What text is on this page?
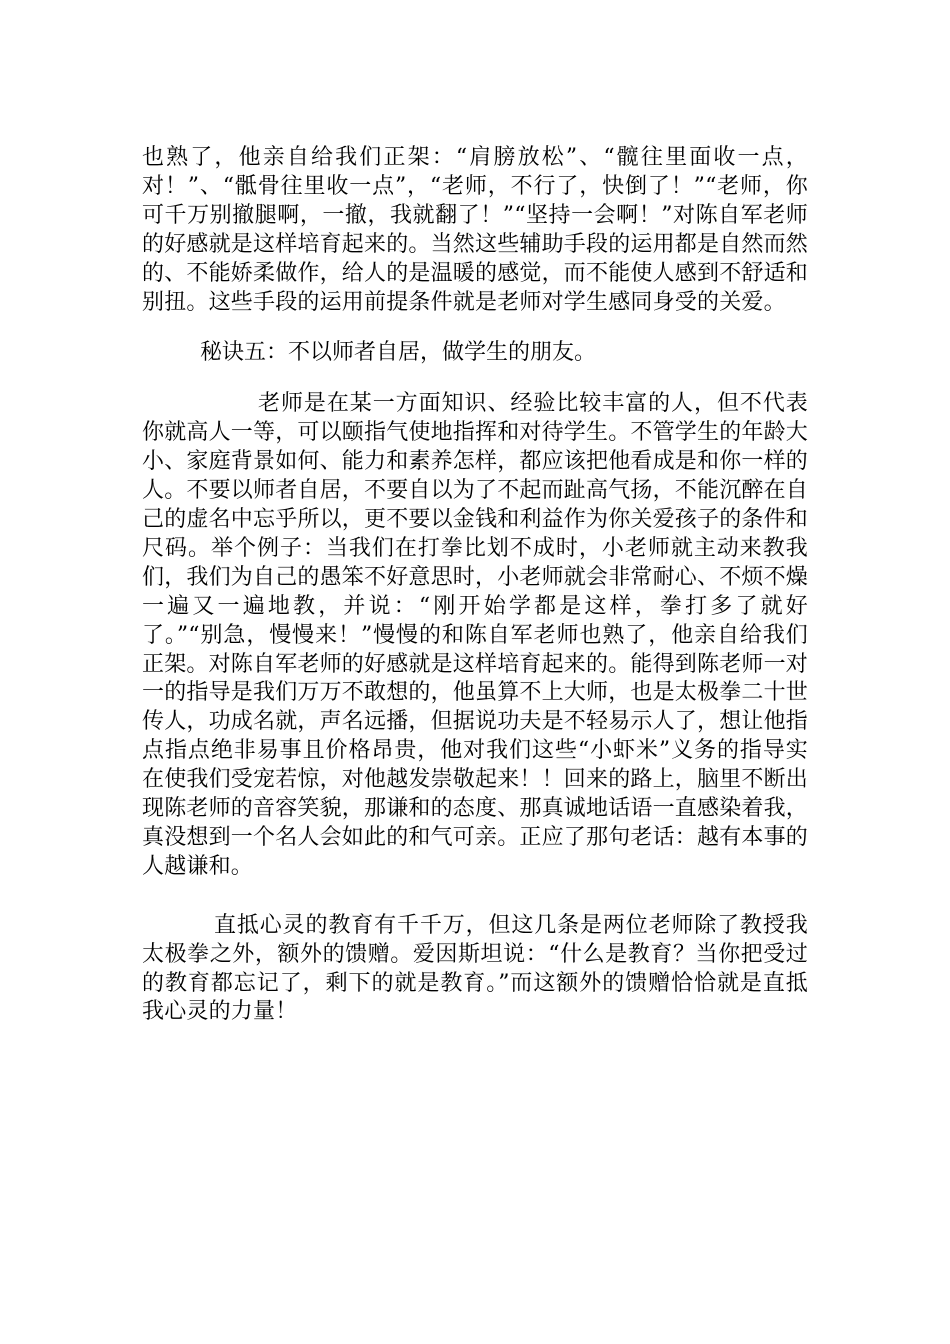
也熟了，他亲自给我们正架：“肩膀放松”、“髋往里面收一点，对！”、“骶骨往里收一点”，“老师，不行了，快倒了！”“老师，你可千万别撤腿啊，一撤，我就翻了！”“坚持一会啊！”对陈自军老师的好感就是这样培育起来的。当然这些辅助手段的运用都是自然而然的、不能娇柔做作，给人的是温暖的感觉，而不能使人感到不舒适和别扭。这些手段的运用前提条件就是老师对学生感同身受的关爱。

秘诀五：不以师者自居，做学生的朋友。

老师是在某一方面知识、经验比较丰富的人，但不代表你就高人一等，可以颐指气使地指挥和对待学生。不管学生的年龄大小、家庭背景如何、能力和素养怎样，都应该把他看成是和你一样的人。不要以师者自居，不要自以为了不起而趾高气扬，不能沉醉在自己的虚名中忘乎所以，更不要以金钱和利益作为你关爱孩子的条件和尺码。举个例子：当我们在打拳比划不成时，小老师就主动来教我们，我们为自己的愚笨不好意思时，小老师就会非常耐心、不烦不燥一遍又一遍地教，并说：“刚开始学都是这样，拳打多了就好了。”“别急，慢慢来！”慢慢的和陈自军老师也熟了，他亲自给我们正架。对陈自军老师的好感就是这样培育起来的。能得到陈老师一对一的指导是我们万万不敢想的，他虽算不上大师，也是太极拳二十世传人，功成名就，声名远播，但据说功夫是不轻易示人了，想让他指点指点绝非易事且价格昂贵，他对我们这些“小虾米”义务的指导实在使我们受宠若惊，对他越发崇敬起来！！回来的路上，脑里不断出现陈老师的音容笑貌，那谦和的态度、那真诚地话语一直感染着我，真没想到一个名人会如此的和气可亲。正应了那句老话：越有本事的人越谦和。

直抵心灵的教育有千千万，但这几条是两位老师除了教授我太极拳之外，额外的馈赠。爱因斯坦说：“什么是教育？当你把受过的教育都忘记了，剩下的就是教育。”而这额外的馈赠恰恰就是直抵我心灵的力量！
